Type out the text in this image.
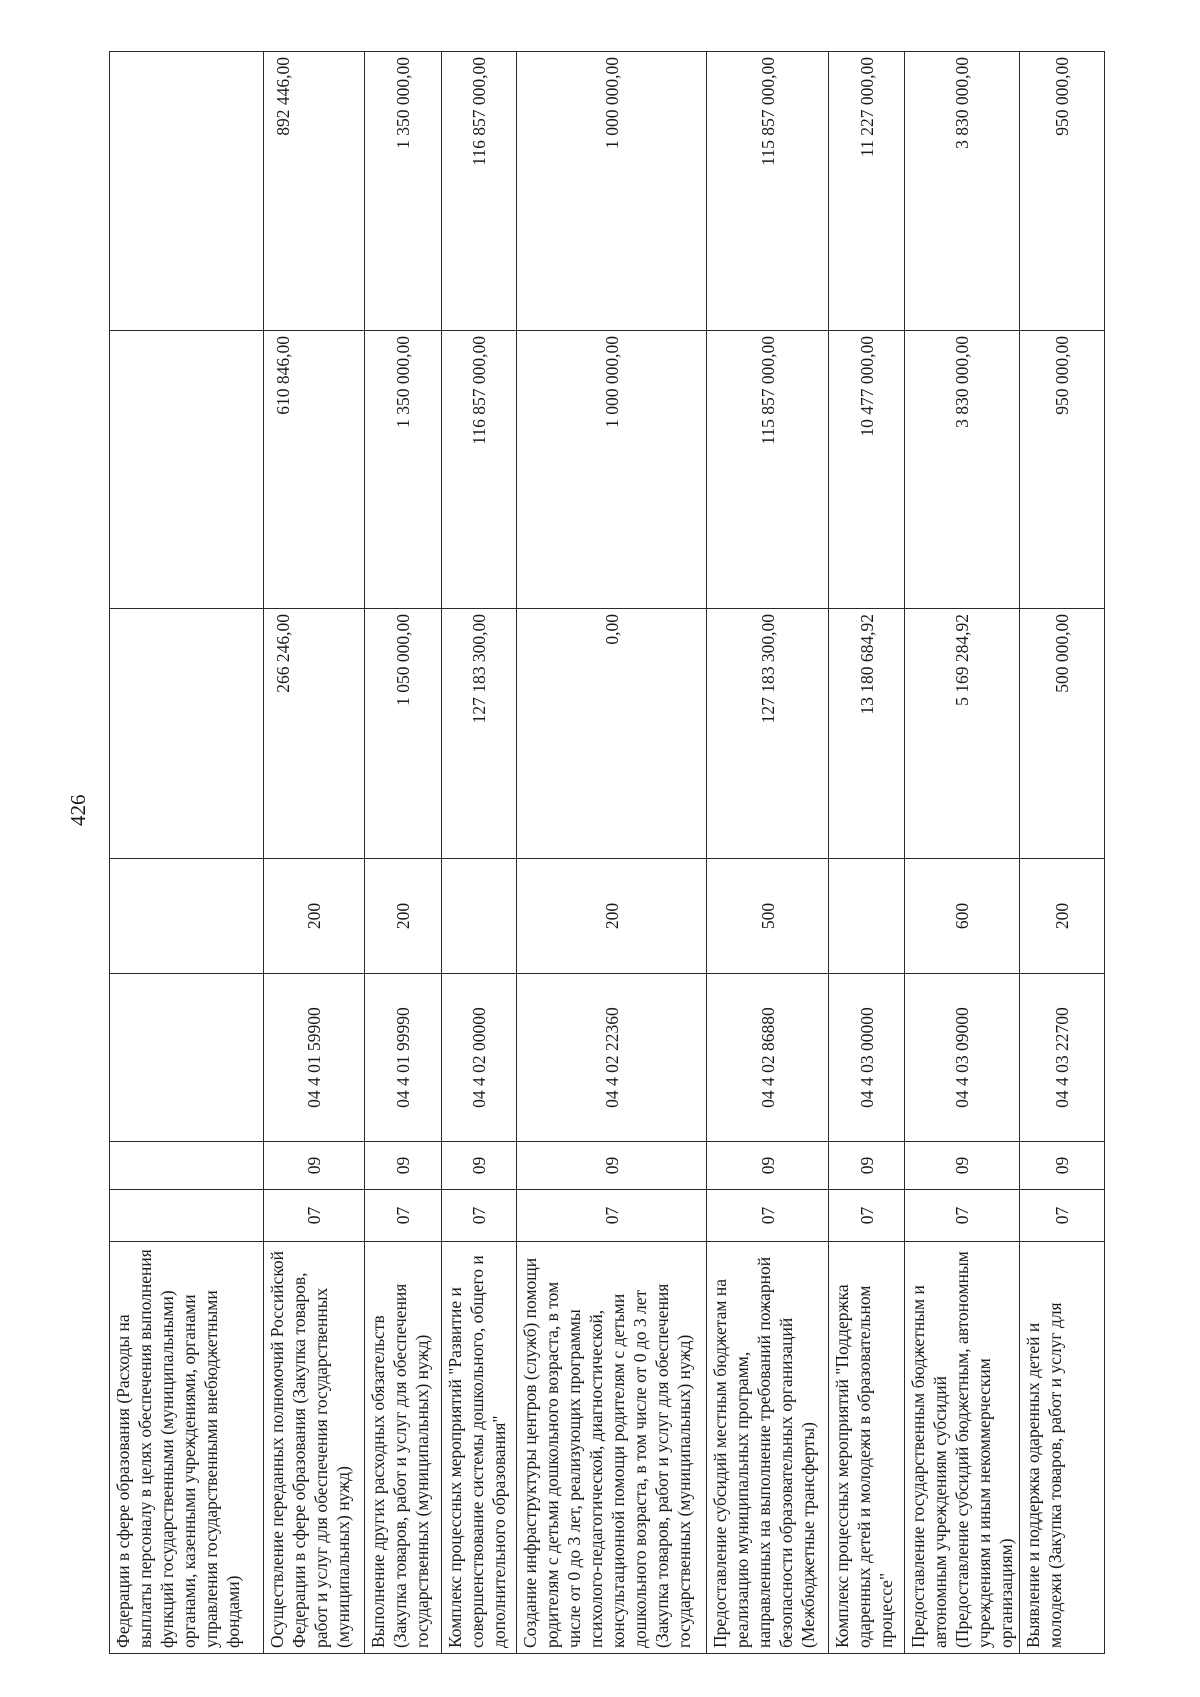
426
Федерации в сфере образования (Расходы на выплаты персоналу в целях обеспечения выполнения функций государственными (муниципальными) органами, казенными учреждениями, органами управления государственными внебюджетными фондами)							
Осуществление переданных полномочий Российской Федерации в сфере образования (Закупка товаров, работ и услуг для обеспечения государственных (муниципальных) нужд)	07	09	04 4 01 59900	200	266 246,00	610 846,00	892 446,00
Выполнение других расходных обязательств (Закупка товаров, работ и услуг для обеспечения государственных (муниципальных) нужд)	07	09	04 4 01 99990	200	1 050 000,00	1 350 000,00	1 350 000,00
Комплекс процессных мероприятий "Развитие и совершенствование системы дошкольного, общего и дополнительного образования"	07	09	04 4 02 00000		127 183 300,00	116 857 000,00	116 857 000,00
Создание инфраструктуры центров (служб) помощи родителям с детьми дошкольного возраста, в том числе от 0 до 3 лет, реализующих программы психолого-педагогической, диагностической, консультационной помощи родителям с детьми дошкольного возраста, в том числе от 0 до 3 лет (Закупка товаров, работ и услуг для обеспечения государственных (муниципальных) нужд)	07	09	04 4 02 22360	200	0,00	1 000 000,00	1 000 000,00
Предоставление субсидий местным бюджетам на реализацию муниципальных программ, направленных на выполнение требований пожарной безопасности образовательных организаций (Межбюджетные трансферты)	07	09	04 4 02 86880	500	127 183 300,00	115 857 000,00	115 857 000,00
Комплекс процессных мероприятий "Поддержка одаренных детей и молодежи в образовательном процессе"	07	09	04 4 03 00000		13 180 684,92	10 477 000,00	11 227 000,00
Предоставление государственным бюджетным и автономным учреждениям субсидий (Предоставление субсидий бюджетным, автономным учреждениям и иным некоммерческим организациям)	07	09	04 4 03 09000	600	5 169 284,92	3 830 000,00	3 830 000,00
Выявление и поддержка одаренных детей и молодежи (Закупка товаров, работ и услуг для	07	09	04 4 03 22700	200	500 000,00	950 000,00	950 000,00
